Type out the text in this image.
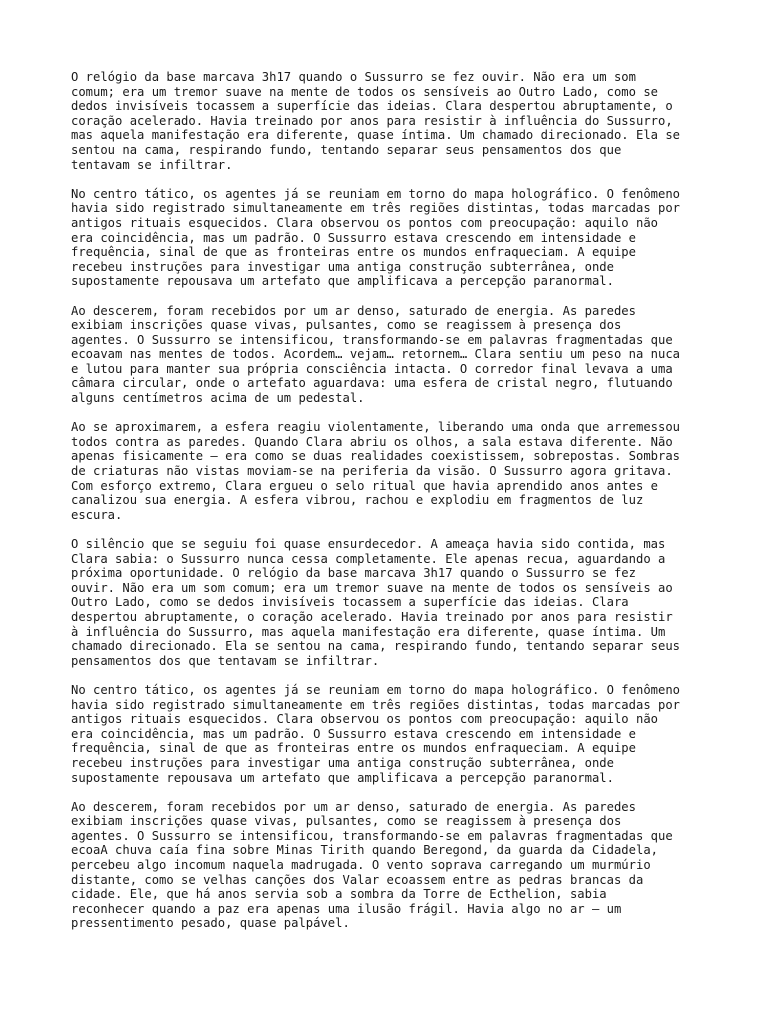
O relógio da base marcava 3h17 quando o Sussurro se fez ouvir. Não era um som
comum; era um tremor suave na mente de todos os sensíveis ao Outro Lado, como se
dedos invisíveis tocassem a superfície das ideias. Clara despertou abruptamente, o
coração acelerado. Havia treinado por anos para resistir à influência do Sussurro,
mas aquela manifestação era diferente, quase íntima. Um chamado direcionado. Ela se
sentou na cama, respirando fundo, tentando separar seus pensamentos dos que
tentavam se infiltrar.
No centro tático, os agentes já se reuniam em torno do mapa holográfico. O fenômeno
havia sido registrado simultaneamente em três regiões distintas, todas marcadas por
antigos rituais esquecidos. Clara observou os pontos com preocupação: aquilo não
era coincidência, mas um padrão. O Sussurro estava crescendo em intensidade e
frequência, sinal de que as fronteiras entre os mundos enfraqueciam. A equipe
recebeu instruções para investigar uma antiga construção subterrânea, onde
supostamente repousava um artefato que amplificava a percepção paranormal.
Ao descerem, foram recebidos por um ar denso, saturado de energia. As paredes
exibiam inscrições quase vivas, pulsantes, como se reagissem à presença dos
agentes. O Sussurro se intensificou, transformando-se em palavras fragmentadas que
ecoavam nas mentes de todos. Acordem… vejam… retornem… Clara sentiu um peso na nuca
e lutou para manter sua própria consciência intacta. O corredor final levava a uma
câmara circular, onde o artefato aguardava: uma esfera de cristal negro, flutuando
alguns centímetros acima de um pedestal.
Ao se aproximarem, a esfera reagiu violentamente, liberando uma onda que arremessou
todos contra as paredes. Quando Clara abriu os olhos, a sala estava diferente. Não
apenas fisicamente — era como se duas realidades coexistissem, sobrepostas. Sombras
de criaturas não vistas moviam-se na periferia da visão. O Sussurro agora gritava.
Com esforço extremo, Clara ergueu o selo ritual que havia aprendido anos antes e
canalizou sua energia. A esfera vibrou, rachou e explodiu em fragmentos de luz
escura.
O silêncio que se seguiu foi quase ensurdecedor. A ameaça havia sido contida, mas
Clara sabia: o Sussurro nunca cessa completamente. Ele apenas recua, aguardando a
próxima oportunidade. O relógio da base marcava 3h17 quando o Sussurro se fez
ouvir. Não era um som comum; era um tremor suave na mente de todos os sensíveis ao
Outro Lado, como se dedos invisíveis tocassem a superfície das ideias. Clara
despertou abruptamente, o coração acelerado. Havia treinado por anos para resistir
à influência do Sussurro, mas aquela manifestação era diferente, quase íntima. Um
chamado direcionado. Ela se sentou na cama, respirando fundo, tentando separar seus
pensamentos dos que tentavam se infiltrar.
No centro tático, os agentes já se reuniam em torno do mapa holográfico. O fenômeno
havia sido registrado simultaneamente em três regiões distintas, todas marcadas por
antigos rituais esquecidos. Clara observou os pontos com preocupação: aquilo não
era coincidência, mas um padrão. O Sussurro estava crescendo em intensidade e
frequência, sinal de que as fronteiras entre os mundos enfraqueciam. A equipe
recebeu instruções para investigar uma antiga construção subterrânea, onde
supostamente repousava um artefato que amplificava a percepção paranormal.
Ao descerem, foram recebidos por um ar denso, saturado de energia. As paredes
exibiam inscrições quase vivas, pulsantes, como se reagissem à presença dos
agentes. O Sussurro se intensificou, transformando-se em palavras fragmentadas que
ecoaA chuva caía fina sobre Minas Tirith quando Beregond, da guarda da Cidadela,
percebeu algo incomum naquela madrugada. O vento soprava carregando um murmúrio
distante, como se velhas canções dos Valar ecoassem entre as pedras brancas da
cidade. Ele, que há anos servia sob a sombra da Torre de Ecthelion, sabia
reconhecer quando a paz era apenas uma ilusão frágil. Havia algo no ar — um
pressentimento pesado, quase palpável.
